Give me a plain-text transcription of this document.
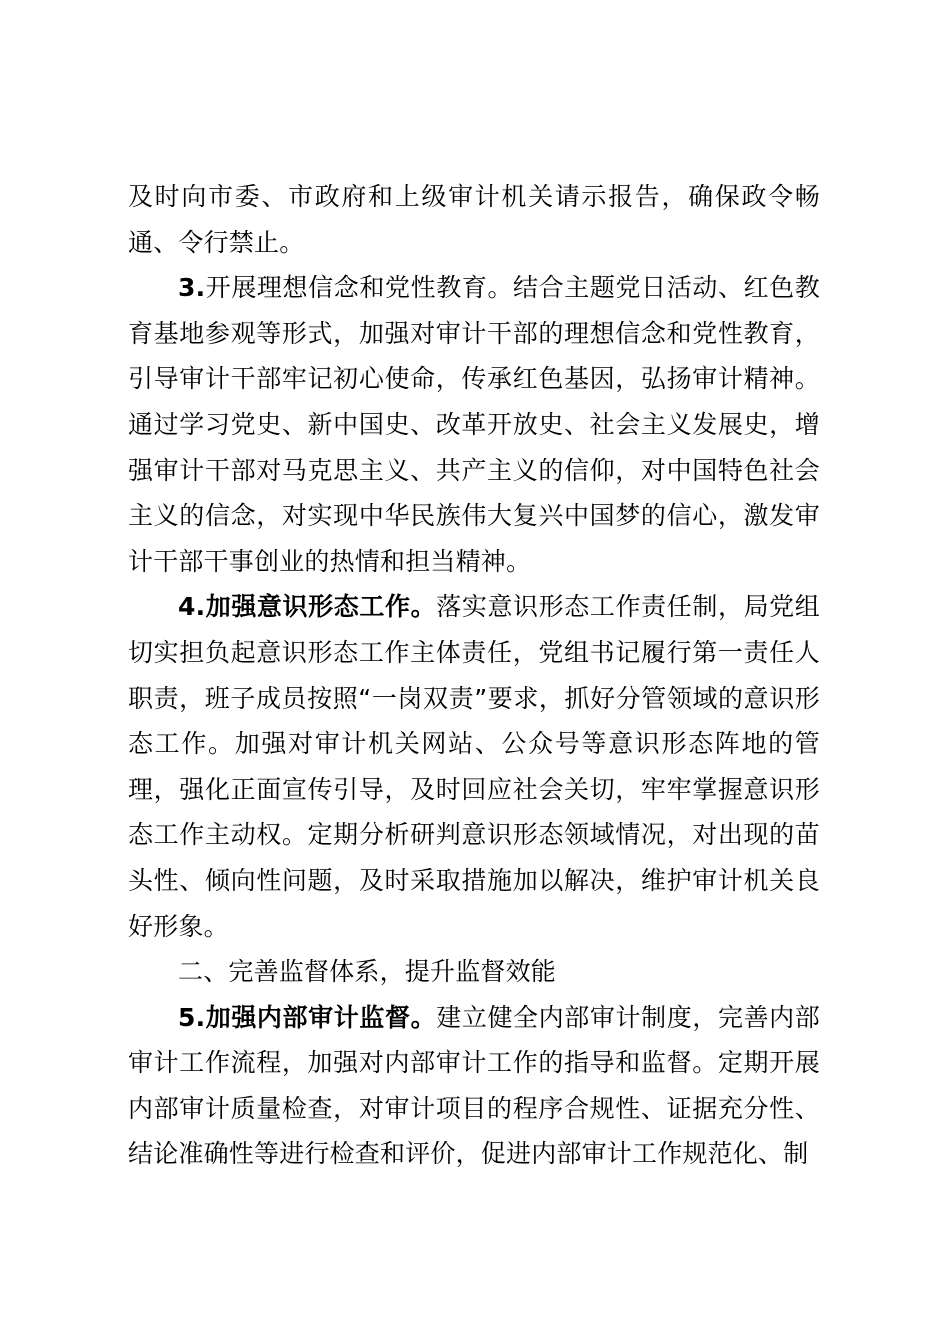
及时向市委、市政府和上级审计机关请示报告，确保政令畅通、令行禁止。

3.开展理想信念和党性教育。结合主题党日活动、红色教育基地参观等形式，加强对审计干部的理想信念和党性教育，引导审计干部牢记初心使命，传承红色基因，弘扬审计精神。通过学习党史、新中国史、改革开放史、社会主义发展史，增强审计干部对马克思主义、共产主义的信仰，对中国特色社会主义的信念，对实现中华民族伟大复兴中国梦的信心，激发审计干部干事创业的热情和担当精神。

4.加强意识形态工作。落实意识形态工作责任制，局党组切实担负起意识形态工作主体责任，党组书记履行第一责任人职责，班子成员按照“一岗双责”要求，抓好分管领域的意识形态工作。加强对审计机关网站、公众号等意识形态阵地的管理，强化正面宣传引导，及时回应社会关切，牢牢掌握意识形态工作主动权。定期分析研判意识形态领域情况，对出现的苗头性、倾向性问题，及时采取措施加以解决，维护审计机关良好形象。

二、完善监督体系，提升监督效能

5.加强内部审计监督。建立健全内部审计制度，完善内部审计工作流程，加强对内部审计工作的指导和监督。定期开展内部审计质量检查，对审计项目的程序合规性、证据充分性、结论准确性等进行检查和评价，促进内部审计工作规范化、制
